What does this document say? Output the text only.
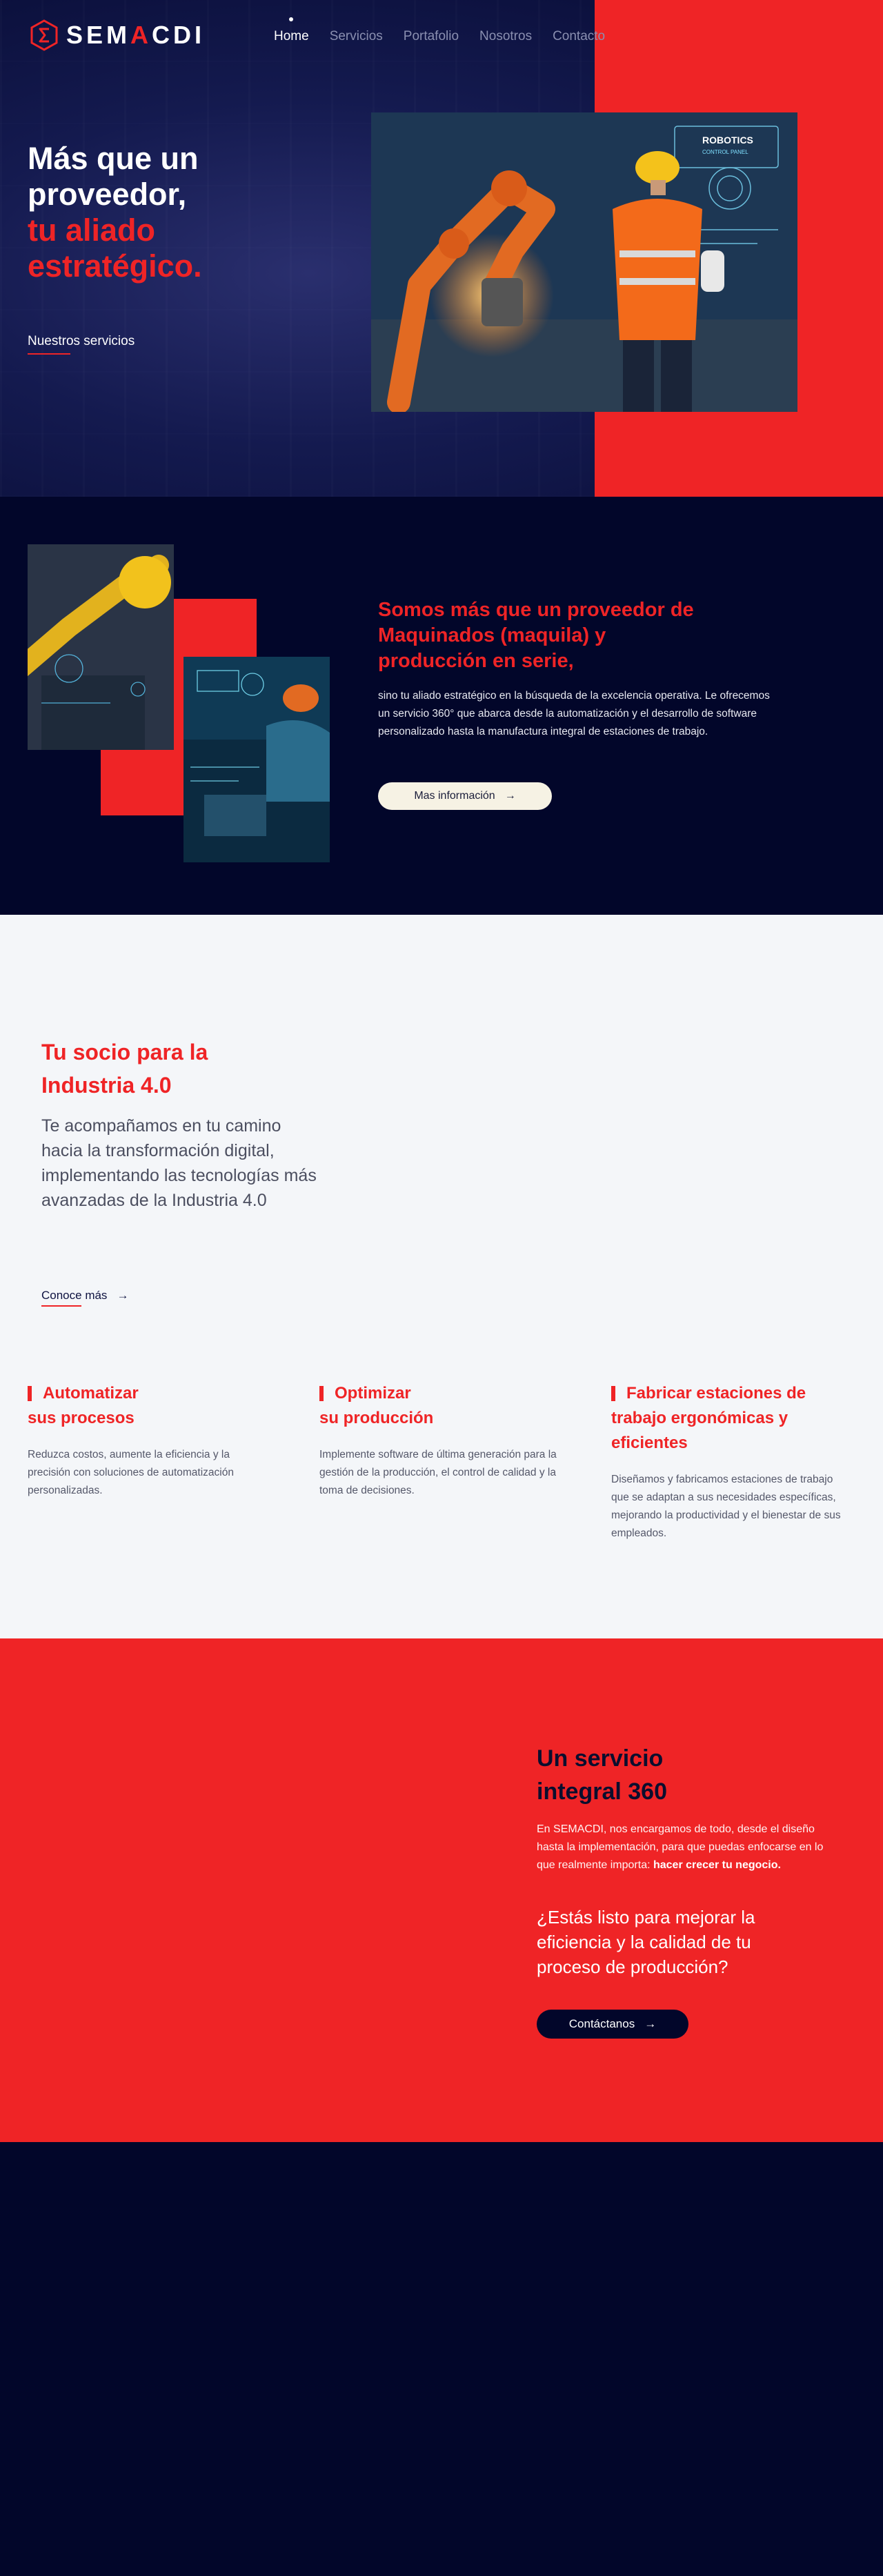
SEMACDI	Home Servicios Portafolio Nosotros Contacto
Más que un
proveedor,
tu aliado
estratégico.
Nuestros servicios
ROBOTICS
CONTROL PANEL
Somos más que un proveedor de Maquinados (maquila) y producción en serie,

sino tu aliado estratégico en la búsqueda de la excelencia operativa. Le ofrecemos un servicio 360° que abarca desde la automatización y el desarrollo de software personalizado hasta la manufactura integral de estaciones de trabajo.

Mas información →
Tu socio para la Industria 4.0

Te acompañamos en tu camino hacia la transformación digital, implementando las tecnologías más avanzadas de la Industria 4.0

Conoce más →
Automatizar
sus procesos

Reduzca costos, aumente la eficiencia y la precisión con soluciones de automatización personalizadas.

Optimizar
su producción

Implemente software de última generación para la gestión de la producción, el control de calidad y la toma de decisiones.

Fabricar estaciones de
trabajo ergonómicas y
eficientes

Diseñamos y fabricamos estaciones de trabajo que se adaptan a sus necesidades específicas, mejorando la productividad y el bienestar de sus empleados.

Un servicio
integral 360

En SEMACDI, nos encargamos de todo, desde el diseño hasta la implementación, para que puedas enfocarse en lo que realmente importa: hacer crecer tu negocio.

¿Estás listo para mejorar la eficiencia y la calidad de tu proceso de producción?

Contáctanos →
